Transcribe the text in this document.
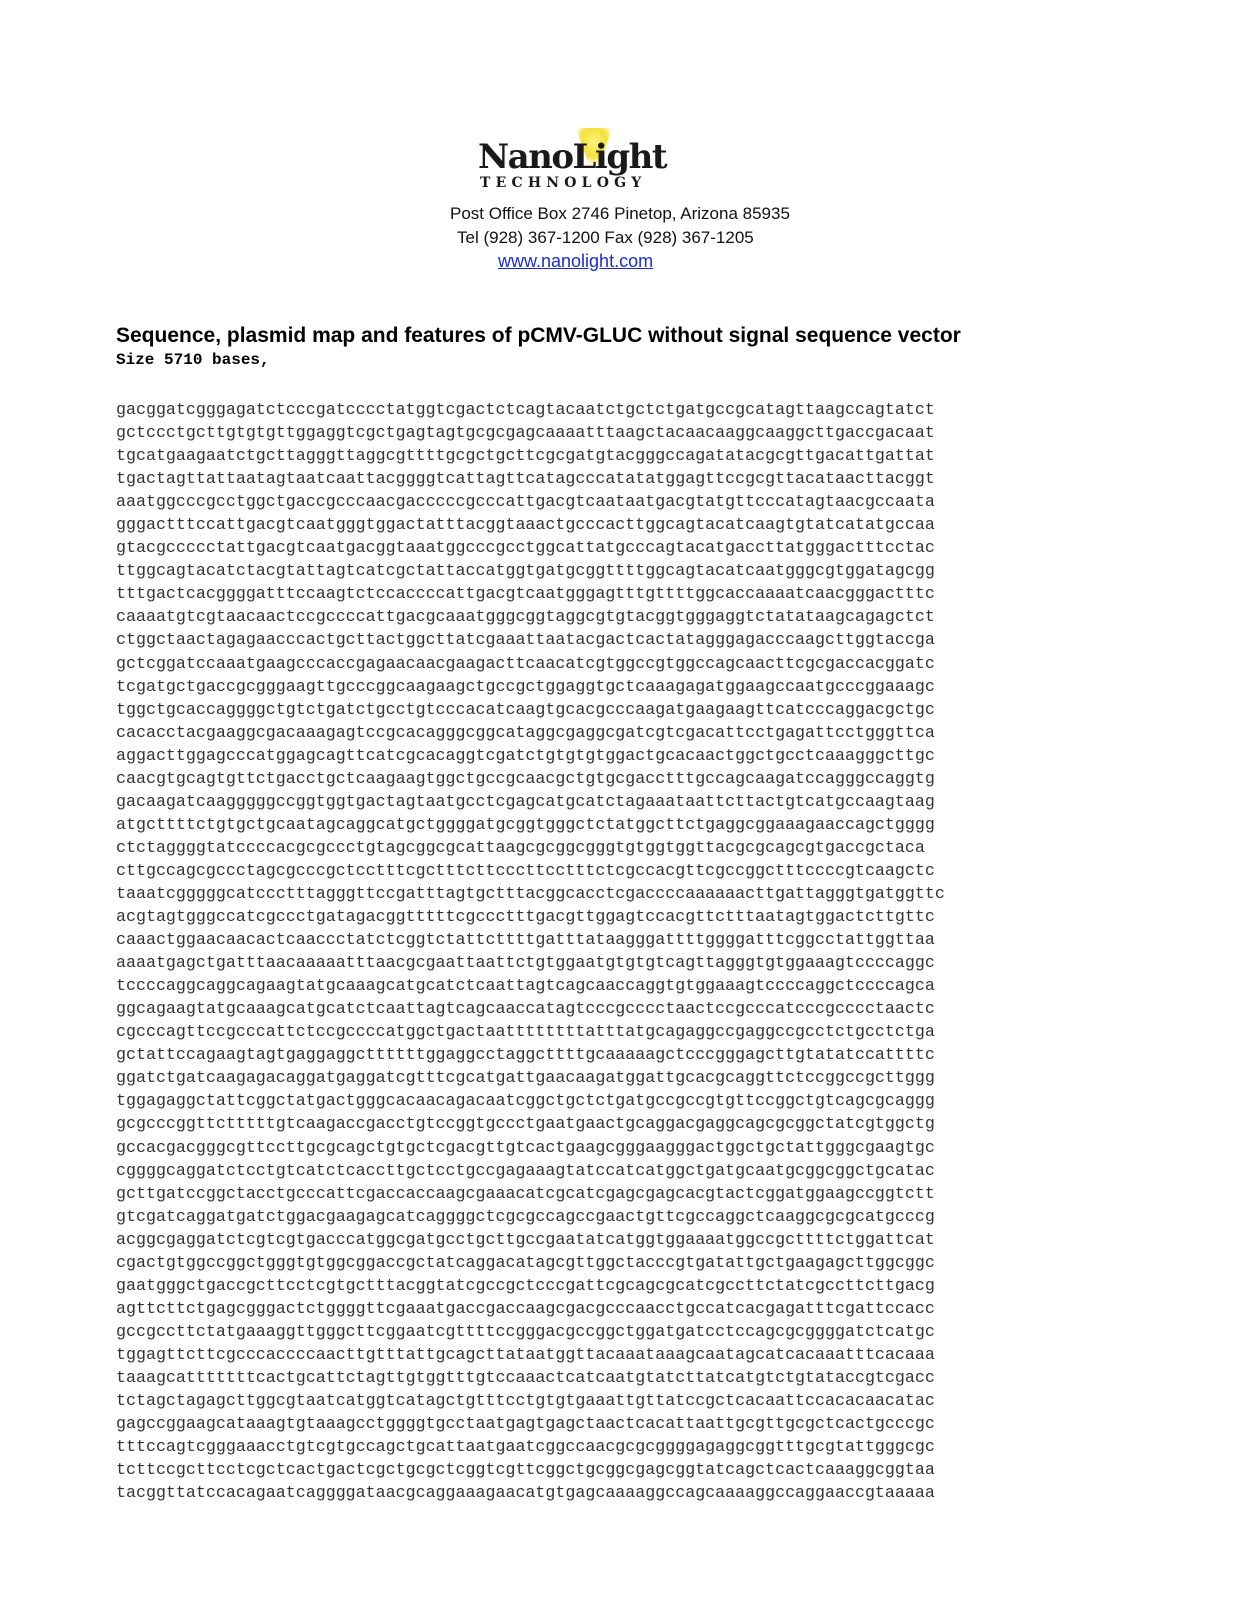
NanoLight
TECHNOLOGY
Post Office Box 2746 Pinetop, Arizona 85935
Tel (928) 367-1200 Fax (928) 367-1205
www.nanolight.com
Sequence, plasmid map and features of pCMV-GLUC without signal sequence vector
Size 5710 bases,
gacggatcgggagatctcccgatcccctatggtcgactctcagtacaatctgctctgatgccgcatagttaagccagtatct
gctccctgcttgtgtgttggaggtcgctgagtagtgcgcgagcaaaatttaagctacaacaaggcaaggcttgaccgacaat
tgcatgaagaatctgcttagggttaggcgttttgcgctgcttcgcgatgtacgggccagatatacgcgttgacattgattat
tgactagttattaatagtaatcaattacggggtcattagttcatagcccatatatggagttccgcgttacataacttacggt
aaatggcccgcctggctgaccgcccaacgacccccgcccattgacgtcaataatgacgtatgttcccatagtaacgccaata
gggactttccattgacgtcaatgggtggactatttacggtaaactgcccacttggcagtacatcaagtgtatcatatgccaa
gtacgccccctattgacgtcaatgacggtaaatggcccgcctggcattatgcccagtacatgaccttatgggactttcctac
ttggcagtacatctacgtattagtcatcgctattaccatggtgatgcggttttggcagtacatcaatgggcgtggatagcgg
tttgactcacggggatttccaagtctccaccccattgacgtcaatgggagtttgttttggcaccaaaatcaacgggactttc
caaaatgtcgtaacaactccgccccattgacgcaaatgggcggtaggcgtgtacggtgggaggtctatataagcagagctct
ctggctaactagagaacccactgcttactggcttatcgaaattaatacgactcactatagggagacccaagcttggtaccga
gctcggatccaaatgaagcccaccgagaacaacgaagacttcaacatcgtggccgtggccagcaacttcgcgaccacggatc
tcgatgctgaccgcgggaagttgcccggcaagaagctgccgctggaggtgctcaaagagatggaagccaatgcccggaaagc
tggctgcaccaggggctgtctgatctgcctgtcccacatcaagtgcacgcccaagatgaagaagttcatcccaggacgctgc
cacacctacgaaggcgacaaagagtccgcacagggcggcataggcgaggcgatcgtcgacattcctgagattcctgggttca
aggacttggagcccatggagcagttcatcgcacaggtcgatctgtgtgtggactgcacaactggctgcctcaaagggcttgc
caacgtgcagtgttctgacctgctcaagaagtggctgccgcaacgctgtgcgacctttgccagcaagatccagggccaggtg
gacaagatcaagggggccggtggtgactagtaatgcctcgagcatgcatctagaaataattcttactgtcatgccaagtaag
atgcttttctgtgctgcaatagcaggcatgctggggatgcggtgggctctatggcttctgaggcggaaagaaccagctgggg
ctctaggggtatccccacgcgccctgtagcggcgcattaagcgcggcgggtgtggtggttacgcgcagcgtgaccgctaca
cttgccagcgccctagcgcccgctcctttcgctttcttcccttcctttctcgccacgttcgccggctttccccgtcaagctc
taaatcgggggcatccctttagggttccgatttagtgctttacggcacctcgaccccaaaaaacttgattagggtgatggttc
acgtagtgggccatcgccctgatagacggtttttcgccctttgacgttggagtccacgttctttaatagtggactcttgttc
caaactggaacaacactcaaccctatctcggtctattcttttgatttataagggattttggggatttcggcctattggttaa
aaaatgagctgatttaacaaaaatttaacgcgaattaattctgtggaatgtgtgtcagttagggtgtggaaagtccccaggc
tccccaggcaggcagaagtatgcaaagcatgcatctcaattagtcagcaaccaggtgtggaaagtccccaggctccccagca
ggcagaagtatgcaaagcatgcatctcaattagtcagcaaccatagtcccgcccctaactccgcccatcccgcccctaactc
cgcccagttccgcccattctccgccccatggctgactaattttttttatttatgcagaggccgaggccgcctctgcctctga
gctattccagaagtagtgaggaggcttttttggaggcctaggcttttgcaaaaagctcccgggagcttgtatatccattttc
ggatctgatcaagagacaggatgaggatcgtttcgcatgattgaacaagatggattgcacgcaggttctccggccgcttggg
tggagaggctattcggctatgactgggcacaacagacaatcggctgctctgatgccgccgtgttccggctgtcagcgcaggg
gcgcccggttctttttgtcaagaccgacctgtccggtgccctgaatgaactgcaggacgaggcagcgcggctatcgtggctg
gccacgacgggcgttccttgcgcagctgtgctcgacgttgtcactgaagcgggaagggactggctgctattgggcgaagtgc
cggggcaggatctcctgtcatctcaccttgctcctgccgagaaagtatccatcatggctgatgcaatgcggcggctgcatac
gcttgatccggctacctgcccattcgaccaccaagcgaaacatcgcatcgagcgagcacgtactcggatggaagccggtctt
gtcgatcaggatgatctggacgaagagcatcaggggctcgcgccagccgaactgttcgccaggctcaaggcgcgcatgcccg
acggcgaggatctcgtcgtgacccatggcgatgcctgcttgccgaatatcatggtggaaaatggccgcttttctggattcat
cgactgtggccggctgggtgtggcggaccgctatcaggacatagcgttggctacccgtgatattgctgaagagcttggcggc
gaatgggctgaccgcttcctcgtgctttacggtatcgccgctcccgattcgcagcgcatcgccttctatcgccttcttgacg
agttcttctgagcgggactctggggttcgaaatgaccgaccaagcgacgcccaacctgccatcacgagatttcgattccacc
gccgccttctatgaaaggttgggcttcggaatcgttttccgggacgccggctggatgatcctccagcgcggggatctcatgc
tggagttcttcgcccaccccaacttgtttattgcagcttataatggttacaaataaagcaatagcatcacaaatttcacaaa
taaagcatttttttcactgcattctagttgtggtttgtccaaactcatcaatgtatcttatcatgtctgtataccgtcgacc
tctagctagagcttggcgtaatcatggtcatagctgtttcctgtgtgaaattgttatccgctcacaattccacacaacatac
gagccggaagcataaagtgtaaagcctggggtgcctaatgagtgagctaactcacattaattgcgttgcgctcactgcccgc
tttccagtcgggaaacctgtcgtgccagctgcattaatgaatcggccaacgcgcggggagaggcggtttgcgtattgggcgc
tcttccgcttcctcgctcactgactcgctgcgctcggtcgttcggctgcggcgagcggtatcagctcactcaaaggcggtaa
tacggttatccacagaatcaggggataacgcaggaaagaacatgtgagcaaaaggccagcaaaaggccaggaaccgtaaaaa
